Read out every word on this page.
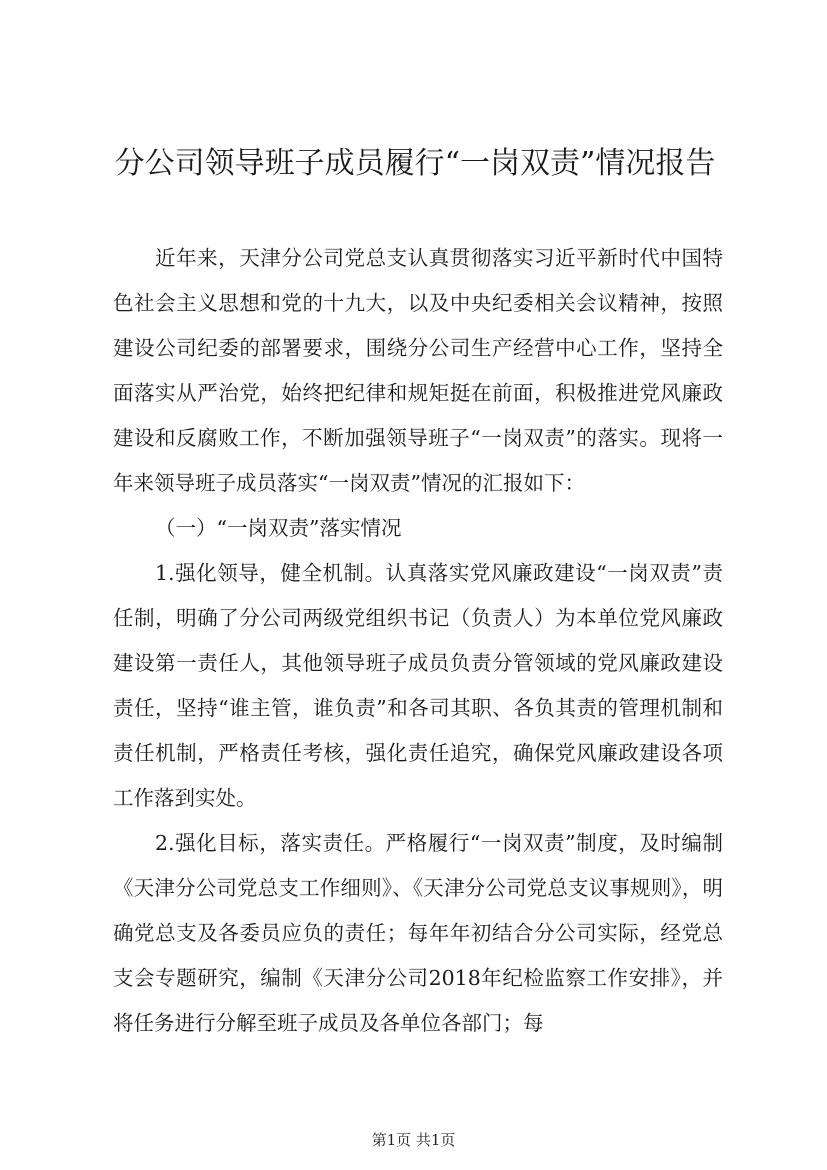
分公司领导班子成员履行“一岗双责”情况报告

近年来，天津分公司党总支认真贯彻落实习近平新时代中国特色社会主义思想和党的十九大，以及中央纪委相关会议精神，按照建设公司纪委的部署要求，围绕分公司生产经营中心工作，坚持全面落实从严治党，始终把纪律和规矩挺在前面，积极推进党风廉政建设和反腐败工作，不断加强领导班子“一岗双责”的落实。现将一年来领导班子成员落实“一岗双责”情况的汇报如下：

（一）“一岗双责”落实情况

1.强化领导，健全机制。认真落实党风廉政建设“一岗双责”责任制，明确了分公司两级党组织书记（负责人）为本单位党风廉政建设第一责任人，其他领导班子成员负责分管领域的党风廉政建设责任，坚持“谁主管，谁负责”和各司其职、各负其责的管理机制和责任机制，严格责任考核，强化责任追究，确保党风廉政建设各项工作落到实处。

2.强化目标，落实责任。严格履行“一岗双责”制度，及时编制《天津分公司党总支工作细则》、《天津分公司党总支议事规则》，明确党总支及各委员应负的责任；每年年初结合分公司实际，经党总支会专题研究，编制《天津分公司2018年纪检监察工作安排》，并将任务进行分解至班子成员及各单位各部门；每

第1页 共1页
